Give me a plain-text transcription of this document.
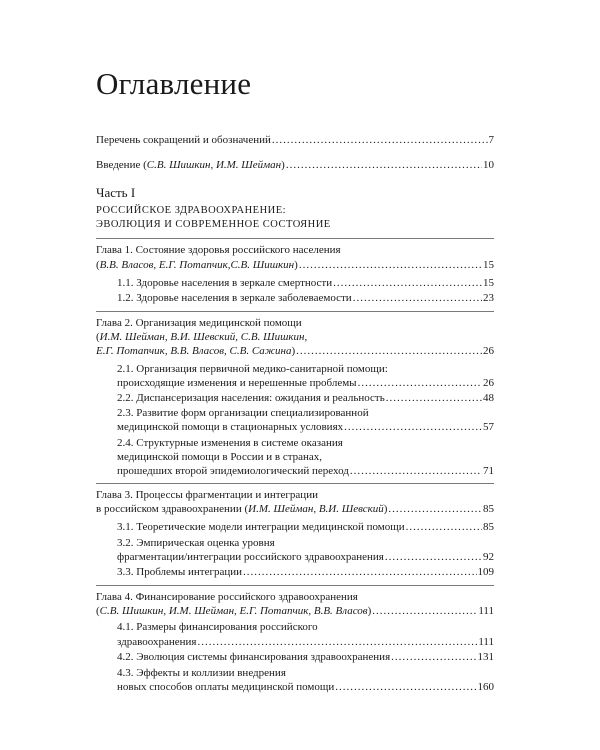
Оглавление
Перечень сокращений и обозначений .....	7
Введение (С.В. Шишкин, И.М. Шейман) .....	10
Часть I
РОССИЙСКОЕ ЗДРАВООХРАНЕНИЕ:
ЭВОЛЮЦИЯ И СОВРЕМЕННОЕ СОСТОЯНИЕ
Глава 1. Состояние здоровья российского населения
(В.В. Власов, Е.Г. Потапчик,С.В. Шишкин) .....	15
1.1. Здоровье населения в зеркале смертности .....	15
1.2. Здоровье населения в зеркале заболеваемости .....	23
Глава 2. Организация медицинской помощи
(И.М. Шейман, В.И. Шевский, С.В. Шишкин,
Е.Г. Потапчик, В.В. Власов, С.В. Сажина) .....	26
2.1. Организация первичной медико-санитарной помощи:
происходящие изменения и нерешенные проблемы .....	26
2.2. Диспансеризация населения: ожидания и реальность .....	48
2.3. Развитие форм организации специализированной
медицинской помощи в стационарных условиях .....	57
2.4. Структурные изменения в системе оказания
медицинской помощи в России и в странах,
прошедших второй эпидемиологический переход .....	71
Глава 3. Процессы фрагментации и интеграции
в российском здравоохранении (И.М. Шейман, В.И. Шевский) .....	85
3.1. Теоретические модели интеграции медицинской помощи .....	85
3.2. Эмпирическая оценка уровня
фрагментации/интеграции российского здравоохранения .....	92
3.3. Проблемы интеграции .....	109
Глава 4. Финансирование российского здравоохранения
(С.В. Шишкин, И.М. Шейман, Е.Г. Потапчик, В.В. Власов) .....	111
4.1. Размеры финансирования российского
здравоохранения .....	111
4.2. Эволюция системы финансирования здравоохранения .....	131
4.3. Эффекты и коллизии внедрения
новых способов оплаты медицинской помощи .....	160
